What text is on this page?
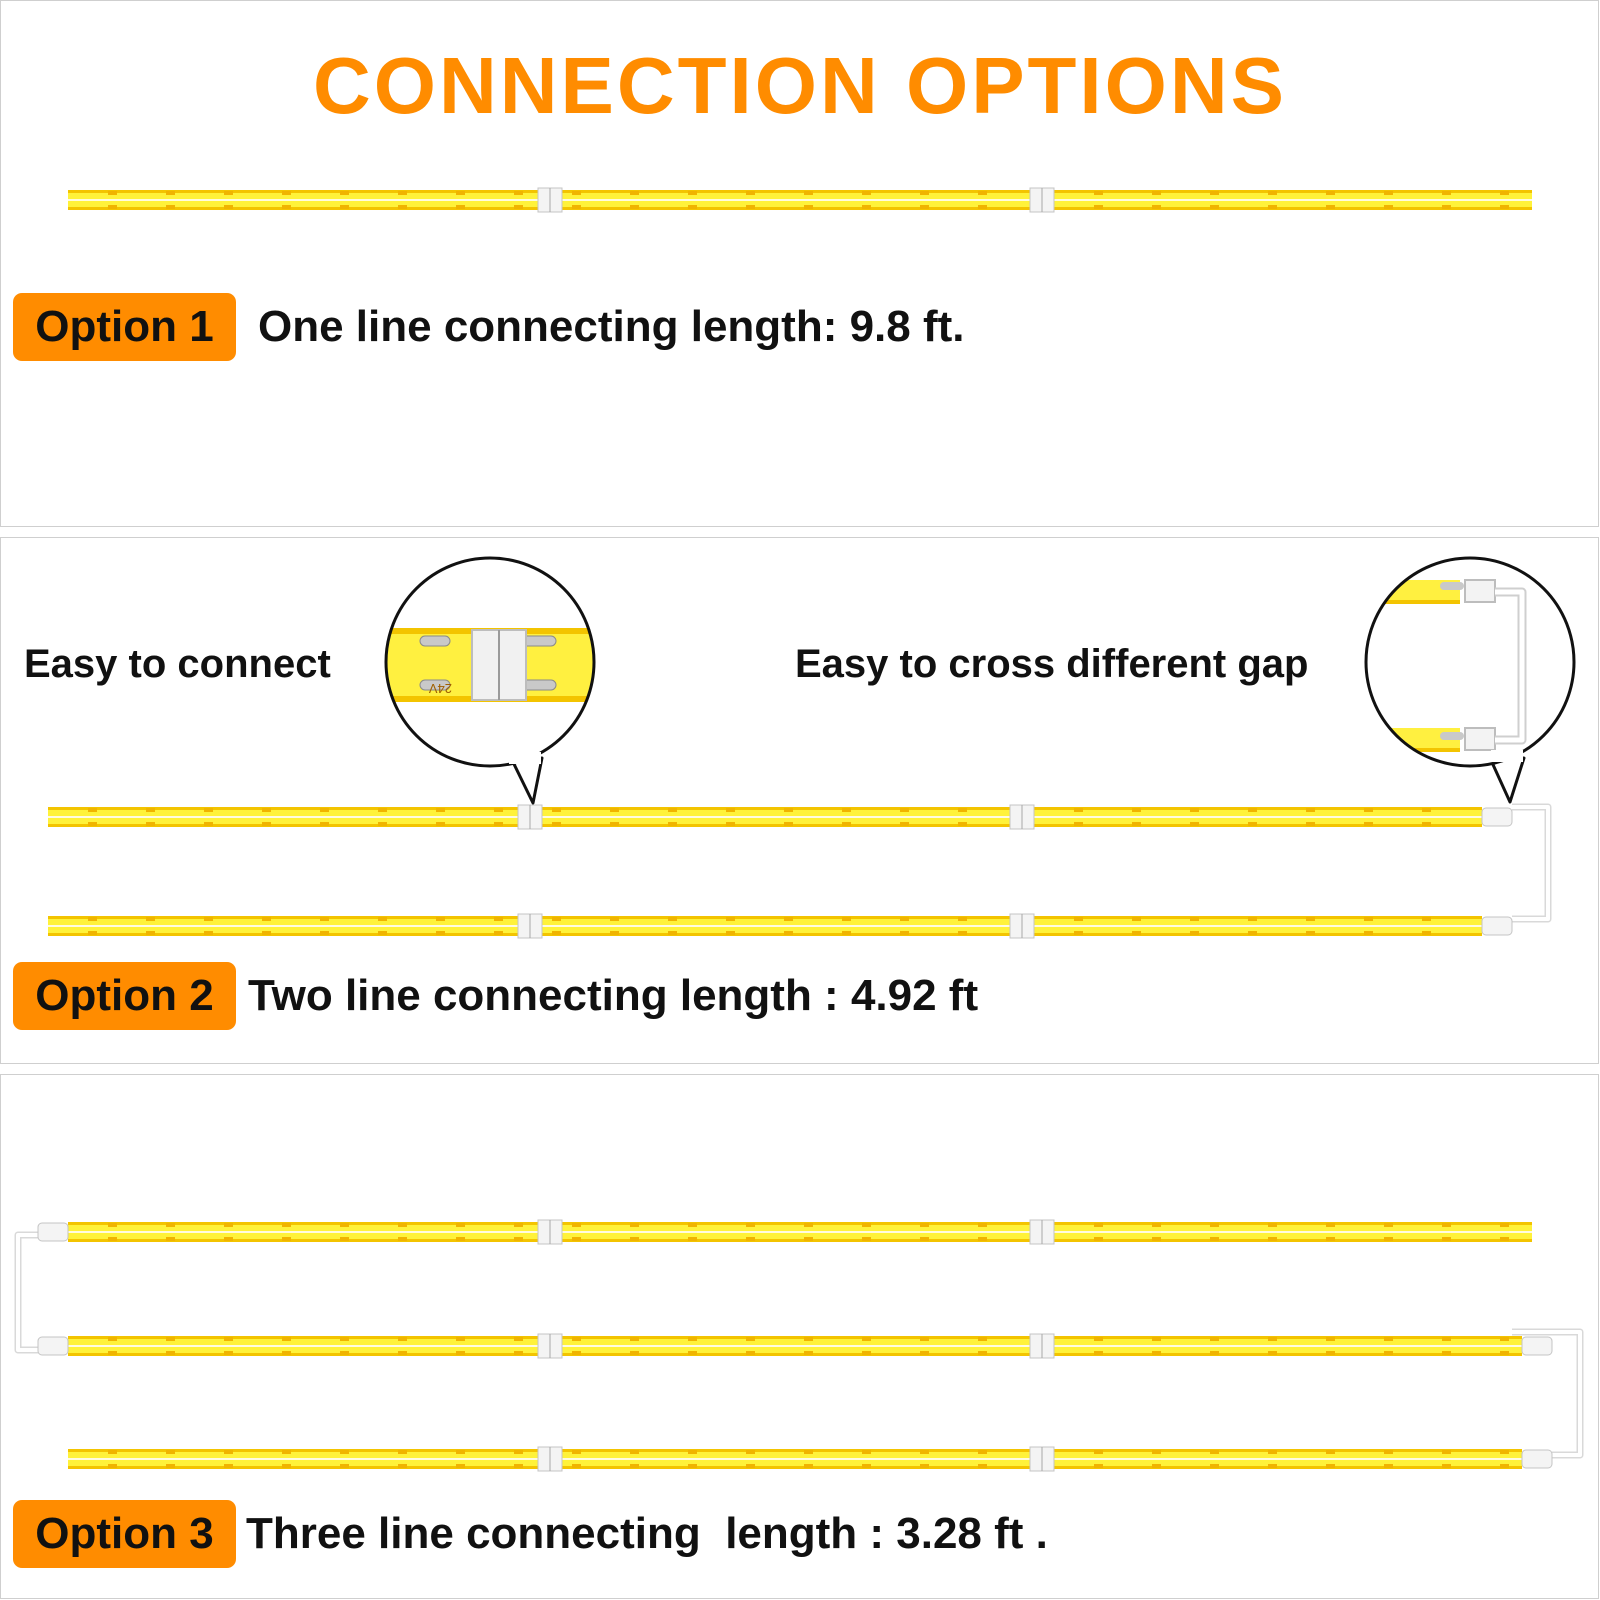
CONNECTION OPTIONS
24V
Option 1	One line connecting length: 9.8 ft.
Easy to connect	Easy to cross different gap
Option 2 Two line connecting length : 4.92 ft
Option 3 Three line connecting  length : 3.28 ft .
